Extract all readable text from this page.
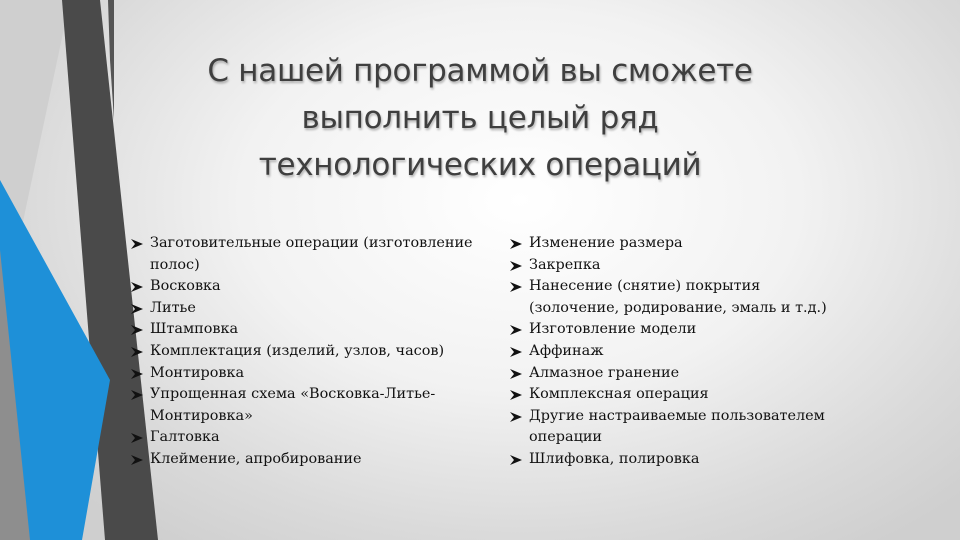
С нашей программой вы сможете
выполнить целый ряд
технологических операций
Заготовительные операции (изготовление полос)
Восковка
Литье
Штамповка
Комплектация (изделий, узлов, часов)
Монтировка
Упрощенная схема «Восковка-Литье-Монтировка»
Галтовка
Клеймение, апробирование
Изменение размера
Закрепка
Нанесение (снятие) покрытия (золочение, родирование, эмаль и т.д.)
Изготовление модели
Аффинаж
Алмазное гранение
Комплексная операция
Другие настраиваемые пользователем операции
Шлифовка, полировка
